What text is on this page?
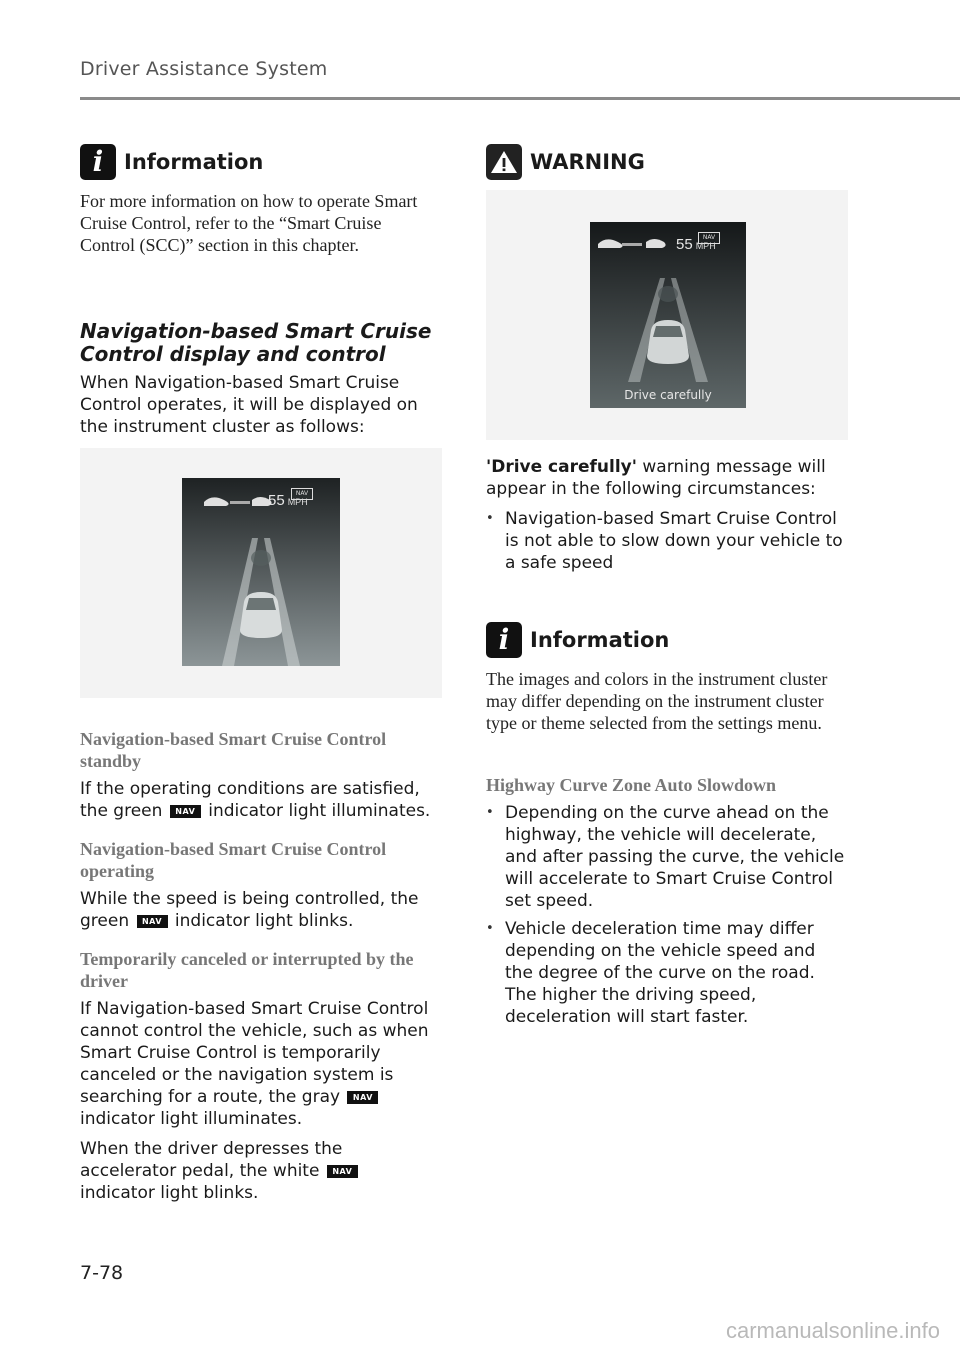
Driver Assistance System
i Information

For more information on how to operate Smart Cruise Control, refer to the “Smart Cruise Control (SCC)” section in this chapter.

Navigation-based Smart Cruise Control display and control

When Navigation-based Smart Cruise Control operates, it will be displayed on the instrument cluster as follows:

55 MPH
NAV

Navigation-based Smart Cruise Control standby

If the operating conditions are satisfied, the green NAV indicator light illuminates.

Navigation-based Smart Cruise Control operating

While the speed is being controlled, the green NAV indicator light blinks.

Temporarily canceled or interrupted by the driver

If Navigation-based Smart Cruise Control cannot control the vehicle, such as when Smart Cruise Control is temporarily canceled or the navigation system is searching for a route, the gray NAV indicator light illuminates.

When the driver depresses the accelerator pedal, the white NAV indicator light blinks.

WARNING
55 MPH
NAV
Drive carefully

'Drive carefully' warning message will appear in the following circumstances:

• Navigation-based Smart Cruise Control is not able to slow down your vehicle to a safe speed
i Information

The images and colors in the instrument cluster may differ depending on the instrument cluster type or theme selected from the settings menu.

Highway Curve Zone Auto Slowdown

• Depending on the curve ahead on the highway, the vehicle will decelerate, and after passing the curve, the vehicle will accelerate to Smart Cruise Control set speed.
• Vehicle deceleration time may differ depending on the vehicle speed and the degree of the curve on the road. The higher the driving speed, deceleration will start faster.
7-78
carmanualsonline.info
